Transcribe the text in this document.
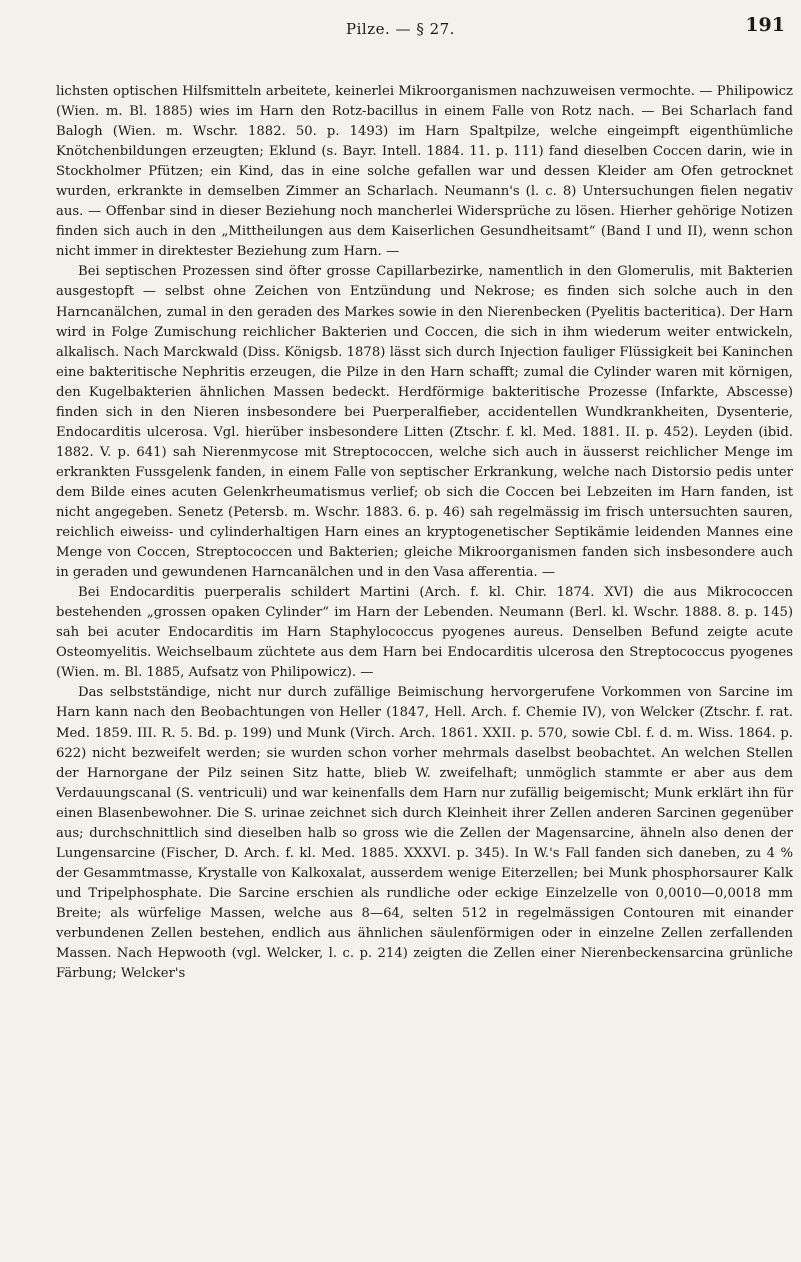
Pilze. — § 27.	191

lichsten optischen Hilfsmitteln arbeitete, keinerlei Mikroorganismen nachzuweisen vermochte. — Philipowicz (Wien. m. Bl. 1885) wies im Harn den Rotz-bacillus in einem Falle von Rotz nach. — Bei Scharlach fand Balogh (Wien. m. Wschr. 1882. 50. p. 1493) im Harn Spaltpilze, welche eingeimpft eigenthümliche Knötchenbildungen erzeugten; Eklund (s. Bayr. Intell. 1884. 11. p. 111) fand dieselben Coccen darin, wie in Stockholmer Pfützen; ein Kind, das in eine solche gefallen war und dessen Kleider am Ofen getrocknet wurden, erkrankte in demselben Zimmer an Scharlach. Neumann's (l. c. 8) Untersuchungen fielen negativ aus. — Offenbar sind in dieser Beziehung noch mancherlei Widersprüche zu lösen. Hierher gehörige Notizen finden sich auch in den „Mittheilungen aus dem Kaiserlichen Gesundheitsamt“ (Band I und II), wenn schon nicht immer in direktester Beziehung zum Harn. —

Bei septischen Prozessen sind öfter grosse Capillarbezirke, namentlich in den Glomerulis, mit Bakterien ausgestopft — selbst ohne Zeichen von Entzündung und Nekrose; es finden sich solche auch in den Harncanälchen, zumal in den geraden des Markes sowie in den Nierenbecken (Pyelitis bacteritica). Der Harn wird in Folge Zumischung reichlicher Bakterien und Coccen, die sich in ihm wiederum weiter entwickeln, alkalisch. Nach Marckwald (Diss. Königsb. 1878) lässt sich durch Injection fauliger Flüssigkeit bei Kaninchen eine bakteritische Nephritis erzeugen, die Pilze in den Harn schafft; zumal die Cylinder waren mit körnigen, den Kugelbakterien ähnlichen Massen bedeckt. Herdförmige bakteritische Prozesse (Infarkte, Abscesse) finden sich in den Nieren insbesondere bei Puerperalfieber, accidentellen Wundkrankheiten, Dysenterie, Endocarditis ulcerosa. Vgl. hierüber insbesondere Litten (Ztschr. f. kl. Med. 1881. II. p. 452). Leyden (ibid. 1882. V. p. 641) sah Nierenmycose mit Streptococcen, welche sich auch in äusserst reichlicher Menge im erkrankten Fussgelenk fanden, in einem Falle von septischer Erkrankung, welche nach Distorsio pedis unter dem Bilde eines acuten Gelenkrheumatismus verlief; ob sich die Coccen bei Lebzeiten im Harn fanden, ist nicht angegeben. Senetz (Petersb. m. Wschr. 1883. 6. p. 46) sah regelmässig im frisch untersuchten sauren, reichlich eiweiss- und cylinderhaltigen Harn eines an kryptogenetischer Septikämie leidenden Mannes eine Menge von Coccen, Streptococcen und Bakterien; gleiche Mikroorganismen fanden sich insbesondere auch in geraden und gewundenen Harncanälchen und in den Vasa afferentia. —

Bei Endocarditis puerperalis schildert Martini (Arch. f. kl. Chir. 1874. XVI) die aus Mikrococcen bestehenden „grossen opaken Cylinder“ im Harn der Lebenden. Neumann (Berl. kl. Wschr. 1888. 8. p. 145) sah bei acuter Endocarditis im Harn Staphylococcus pyogenes aureus. Denselben Befund zeigte acute Osteomyelitis. Weichselbaum züchtete aus dem Harn bei Endocarditis ulcerosa den Streptococcus pyogenes (Wien. m. Bl. 1885, Aufsatz von Philipowicz). —

Das selbstständige, nicht nur durch zufällige Beimischung hervorgerufene Vorkommen von Sarcine im Harn kann nach den Beobachtungen von Heller (1847, Hell. Arch. f. Chemie IV), von Welcker (Ztschr. f. rat. Med. 1859. III. R. 5. Bd. p. 199) und Munk (Virch. Arch. 1861. XXII. p. 570, sowie Cbl. f. d. m. Wiss. 1864. p. 622) nicht bezweifelt werden; sie wurden schon vorher mehrmals daselbst beobachtet. An welchen Stellen der Harnorgane der Pilz seinen Sitz hatte, blieb W. zweifelhaft; unmöglich stammte er aber aus dem Verdauungscanal (S. ventriculi) und war keinenfalls dem Harn nur zufällig beigemischt; Munk erklärt ihn für einen Blasenbewohner. Die S. urinae zeichnet sich durch Kleinheit ihrer Zellen anderen Sarcinen gegenüber aus; durchschnittlich sind dieselben halb so gross wie die Zellen der Magensarcine, ähneln also denen der Lungensarcine (Fischer, D. Arch. f. kl. Med. 1885. XXXVI. p. 345). In W.'s Fall fanden sich daneben, zu 4 % der Gesammtmasse, Krystalle von Kalkoxalat, ausserdem wenige Eiterzellen; bei Munk phosphorsaurer Kalk und Tripelphosphate. Die Sarcine erschien als rundliche oder eckige Einzelzelle von 0,0010—0,0018 mm Breite; als würfelige Massen, welche aus 8—64, selten 512 in regelmässigen Contouren mit einander verbundenen Zellen bestehen, endlich aus ähnlichen säulenförmigen oder in einzelne Zellen zerfallenden Massen. Nach Hepwooth (vgl. Welcker, l. c. p. 214) zeigten die Zellen einer Nierenbeckensarcina grünliche Färbung; Welcker's
